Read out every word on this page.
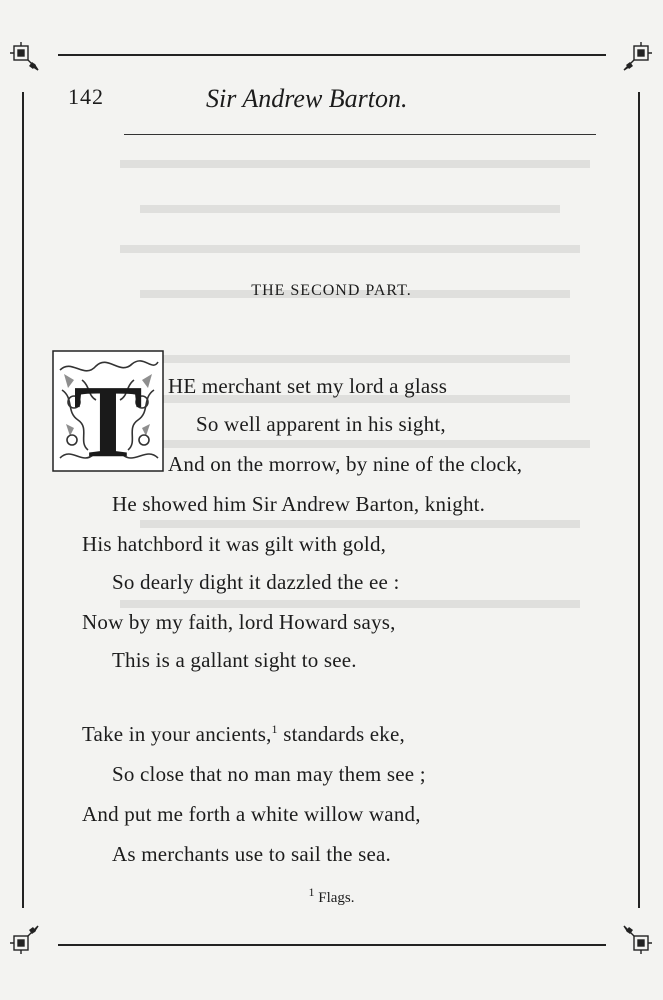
142	Sir Andrew Barton.
THE SECOND PART.
T HE merchant set my lord a glass
So well apparent in his sight,
And on the morrow, by nine of the clock,
He showed him Sir Andrew Barton, knight.
His hatchbord it was gilt with gold,
So dearly dight it dazzled the ee :
Now by my faith, lord Howard says,
This is a gallant sight to see.
Take in your ancients,$^1$ standards eke,
So close that no man may them see ;
And put me forth a white willow wand,
As merchants use to sail the sea.
$^1$ Flags.
